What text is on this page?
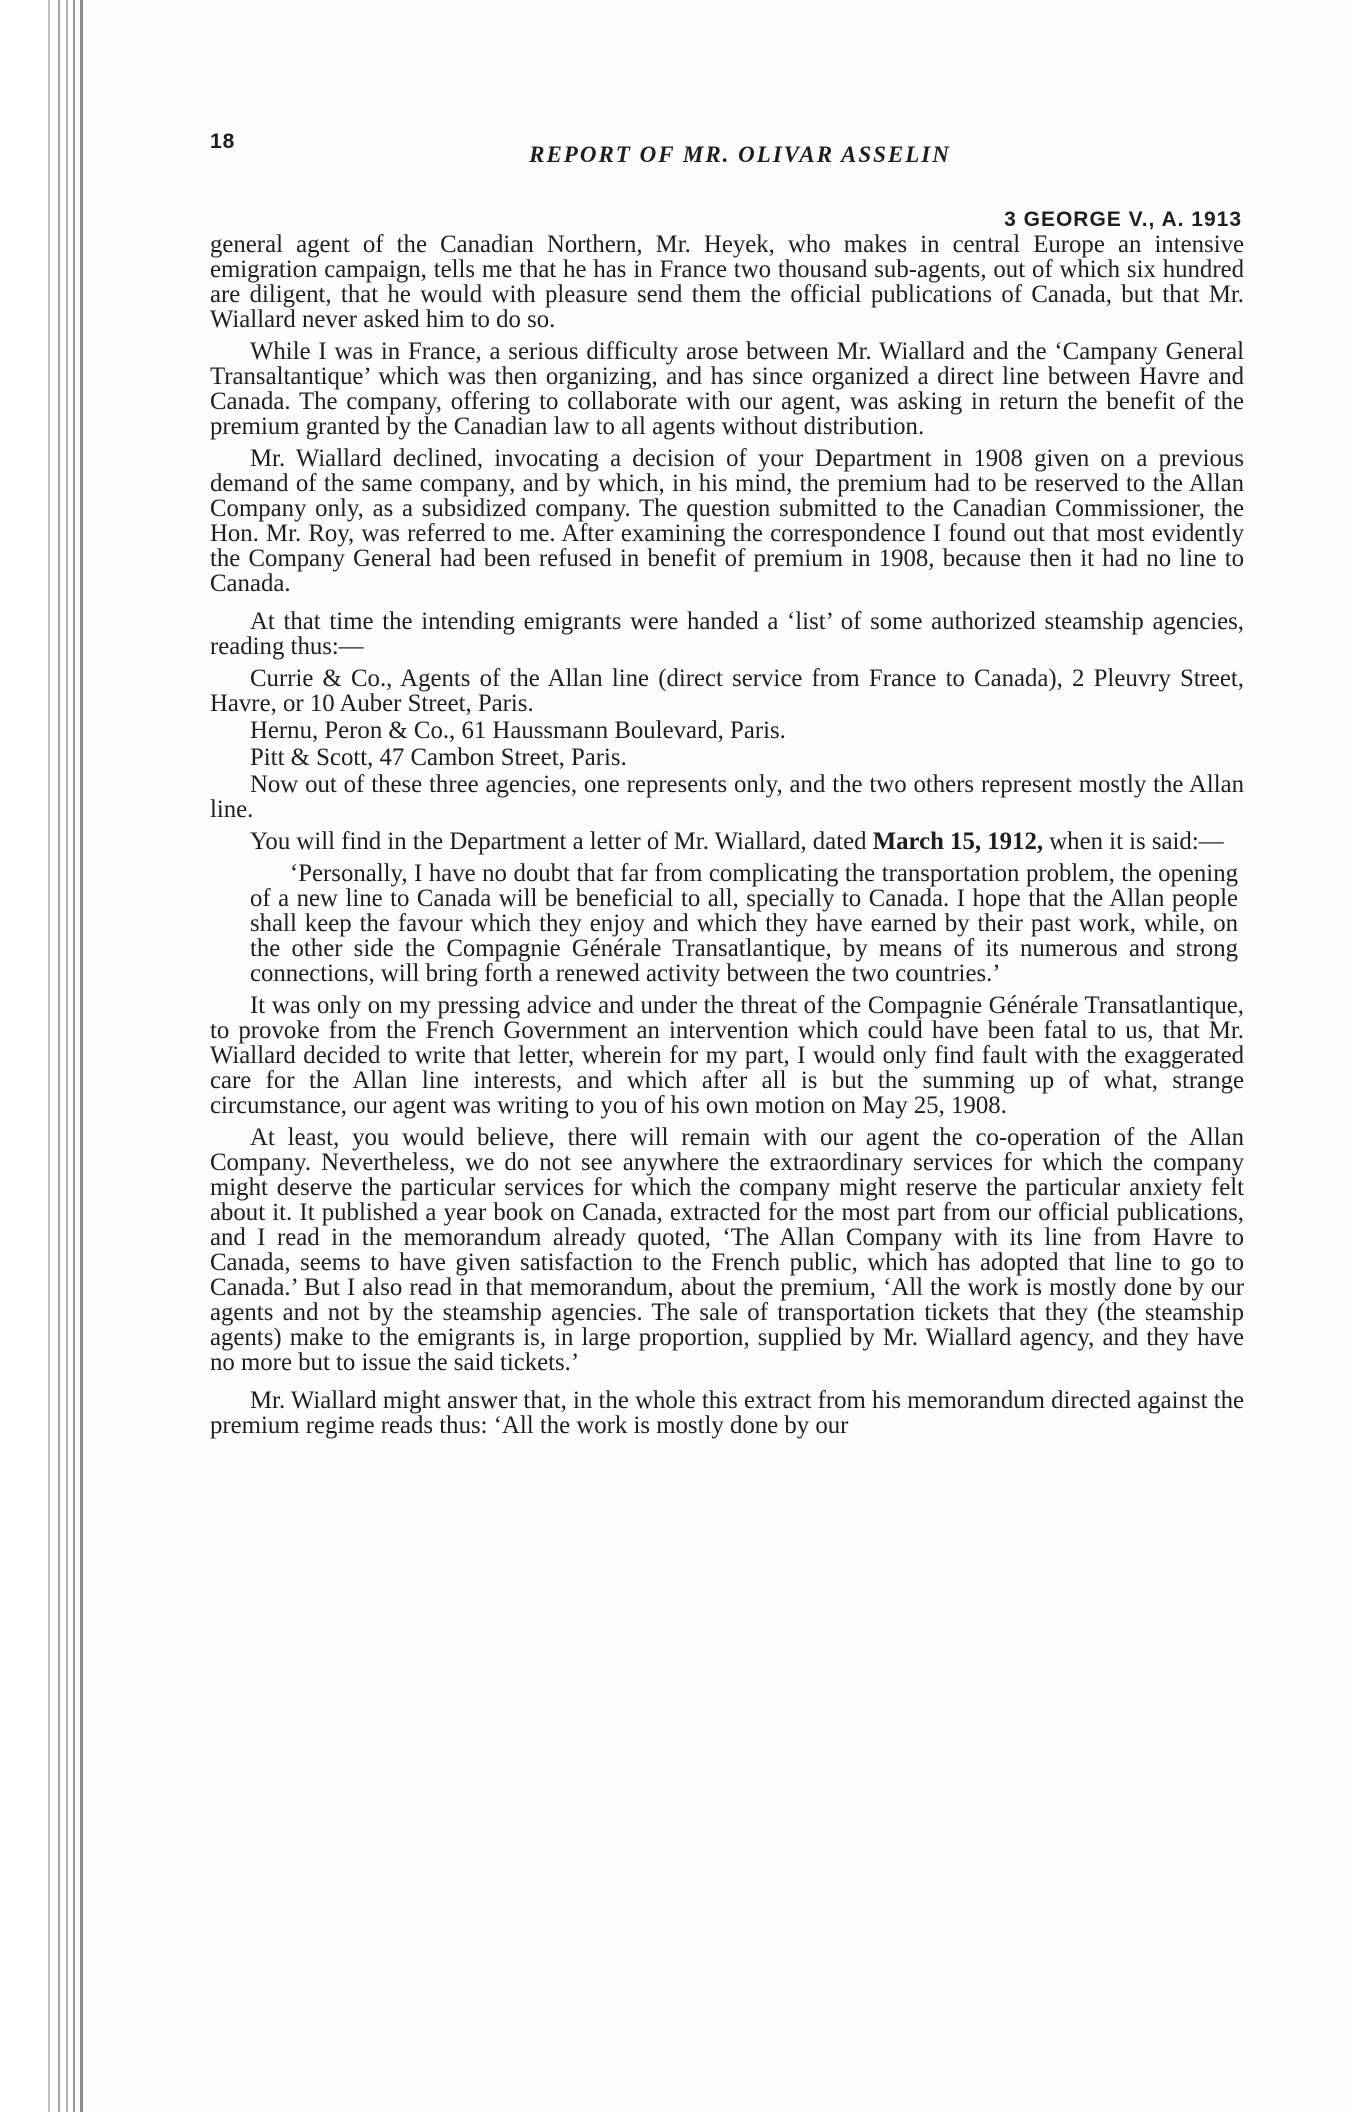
18
REPORT OF MR. OLIVAR ASSELIN
3 GEORGE V., A. 1913

general agent of the Canadian Northern, Mr. Heyek, who makes in central Europe an intensive emigration campaign, tells me that he has in France two thousand sub-agents, out of which six hundred are diligent, that he would with pleasure send them the official publications of Canada, but that Mr. Wiallard never asked him to do so.

While I was in France, a serious difficulty arose between Mr. Wiallard and the ‘Campany General Transaltantique’ which was then organizing, and has since organized a direct line between Havre and Canada. The company, offering to collaborate with our agent, was asking in return the benefit of the premium granted by the Canadian law to all agents without distribution.

Mr. Wiallard declined, invocating a decision of your Department in 1908 given on a previous demand of the same company, and by which, in his mind, the premium had to be reserved to the Allan Company only, as a subsidized company. The question submitted to the Canadian Commissioner, the Hon. Mr. Roy, was referred to me. After examining the correspondence I found out that most evidently the Company General had been refused in benefit of premium in 1908, because then it had no line to Canada.

At that time the intending emigrants were handed a ‘list’ of some authorized steamship agencies, reading thus:—

Currie & Co., Agents of the Allan line (direct service from France to Canada), 2 Pleuvry Street, Havre, or 10 Auber Street, Paris.

Hernu, Peron & Co., 61 Haussmann Boulevard, Paris.

Pitt & Scott, 47 Cambon Street, Paris.

Now out of these three agencies, one represents only, and the two others represent mostly the Allan line.

You will find in the Department a letter of Mr. Wiallard, dated March 15, 1912, when it is said:—

‘Personally, I have no doubt that far from complicating the transportation problem, the opening of a new line to Canada will be beneficial to all, specially to Canada. I hope that the Allan people shall keep the favour which they enjoy and which they have earned by their past work, while, on the other side the Compagnie Générale Transatlantique, by means of its numerous and strong connections, will bring forth a renewed activity between the two countries.’

It was only on my pressing advice and under the threat of the Compagnie Générale Transatlantique, to provoke from the French Government an intervention which could have been fatal to us, that Mr. Wiallard decided to write that letter, wherein for my part, I would only find fault with the exaggerated care for the Allan line interests, and which after all is but the summing up of what, strange circumstance, our agent was writing to you of his own motion on May 25, 1908.

At least, you would believe, there will remain with our agent the co-operation of the Allan Company. Nevertheless, we do not see anywhere the extraordinary services for which the company might deserve the particular services for which the company might reserve the particular anxiety felt about it. It published a year book on Canada, extracted for the most part from our official publications, and I read in the memorandum already quoted, ‘The Allan Company with its line from Havre to Canada, seems to have given satisfaction to the French public, which has adopted that line to go to Canada.’ But I also read in that memorandum, about the premium, ‘All the work is mostly done by our agents and not by the steamship agencies. The sale of transportation tickets that they (the steamship agents) make to the emigrants is, in large proportion, supplied by Mr. Wiallard agency, and they have no more but to issue the said tickets.’

Mr. Wiallard might answer that, in the whole this extract from his memorandum directed against the premium regime reads thus: ‘All the work is mostly done by our
